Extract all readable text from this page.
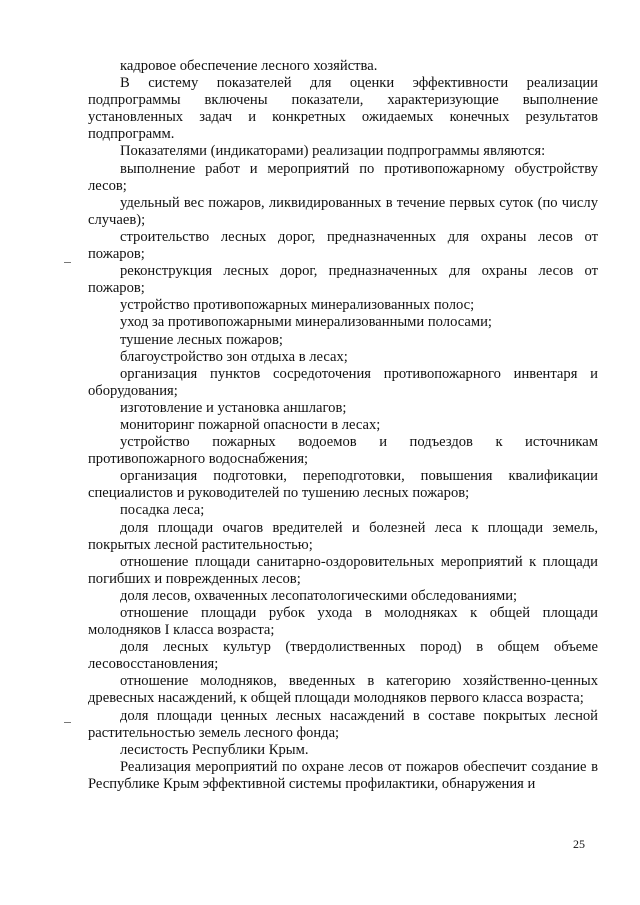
кадровое обеспечение лесного хозяйства.

В систему показателей для оценки эффективности реализации подпрограммы включены показатели, характеризующие выполнение установленных задач и конкретных ожидаемых конечных результатов подпрограмм.

Показателями (индикаторами) реализации подпрограммы являются:

выполнение работ и мероприятий по противопожарному обустройству лесов;

удельный вес пожаров, ликвидированных в течение первых суток (по числу случаев);

строительство лесных дорог, предназначенных для охраны лесов от пожаров;

реконструкция лесных дорог, предназначенных для охраны лесов от пожаров;

устройство противопожарных минерализованных полос;

уход за противопожарными минерализованными полосами;

тушение лесных пожаров;

благоустройство зон отдыха в лесах;

организация пунктов сосредоточения противопожарного инвентаря и оборудования;

изготовление и установка аншлагов;

мониторинг пожарной опасности в лесах;

устройство пожарных водоемов и подъездов к источникам противопожарного водоснабжения;

организация подготовки, переподготовки, повышения квалификации специалистов и руководителей по тушению лесных пожаров;

посадка леса;

доля площади очагов вредителей и болезней леса к площади земель, покрытых лесной растительностью;

отношение площади санитарно-оздоровительных мероприятий к площади погибших и поврежденных лесов;

доля лесов, охваченных лесопатологическими обследованиями;

отношение площади рубок ухода в молодняках к общей площади молодняков I класса возраста;

доля лесных культур (твердолиственных пород) в общем объеме лесовосстановления;

отношение молодняков, введенных в категорию хозяйственно-ценных древесных насаждений, к общей площади молодняков первого класса возраста;

доля площади ценных лесных насаждений в составе покрытых лесной растительностью земель лесного фонда;

лесистость Республики Крым.

Реализация мероприятий по охране лесов от пожаров обеспечит создание в Республике Крым эффективной системы профилактики, обнаружения и

25
